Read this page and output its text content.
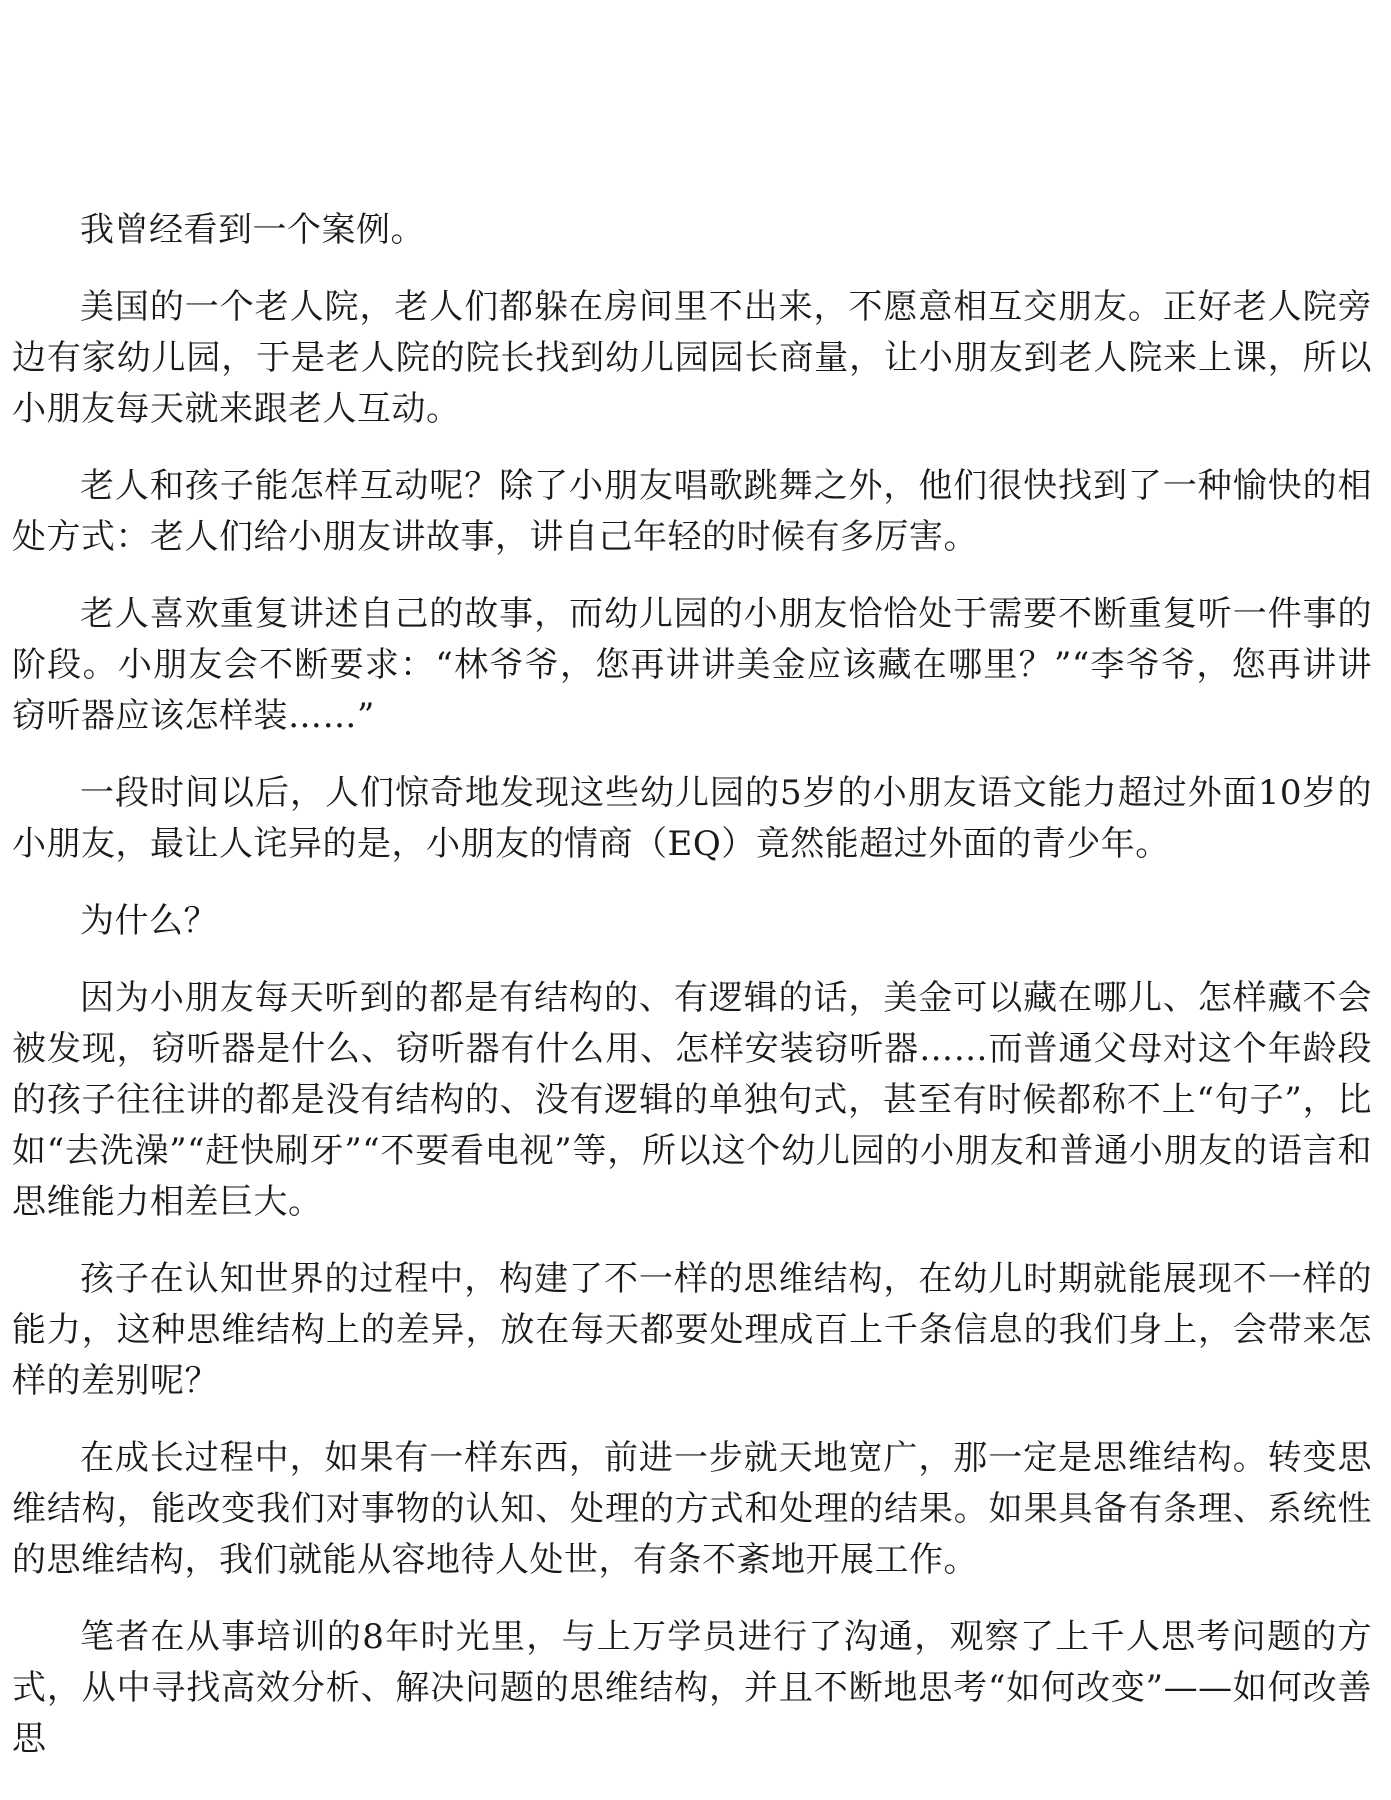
我曾经看到一个案例。

美国的一个老人院，老人们都躲在房间里不出来，不愿意相互交朋友。正好老人院旁边有家幼儿园，于是老人院的院长找到幼儿园园长商量，让小朋友到老人院来上课，所以小朋友每天就来跟老人互动。

老人和孩子能怎样互动呢？除了小朋友唱歌跳舞之外，他们很快找到了一种愉快的相处方式：老人们给小朋友讲故事，讲自己年轻的时候有多厉害。

老人喜欢重复讲述自己的故事，而幼儿园的小朋友恰恰处于需要不断重复听一件事的阶段。小朋友会不断要求：“林爷爷，您再讲讲美金应该藏在哪里？”“李爷爷，您再讲讲窃听器应该怎样装……”

一段时间以后，人们惊奇地发现这些幼儿园的5岁的小朋友语文能力超过外面10岁的小朋友，最让人诧异的是，小朋友的情商（EQ）竟然能超过外面的青少年。

为什么？

因为小朋友每天听到的都是有结构的、有逻辑的话，美金可以藏在哪儿、怎样藏不会被发现，窃听器是什么、窃听器有什么用、怎样安装窃听器……而普通父母对这个年龄段的孩子往往讲的都是没有结构的、没有逻辑的单独句式，甚至有时候都称不上“句子”，比如“去洗澡”“赶快刷牙”“不要看电视”等，所以这个幼儿园的小朋友和普通小朋友的语言和思维能力相差巨大。

孩子在认知世界的过程中，构建了不一样的思维结构，在幼儿时期就能展现不一样的能力，这种思维结构上的差异，放在每天都要处理成百上千条信息的我们身上，会带来怎样的差别呢？

在成长过程中，如果有一样东西，前进一步就天地宽广，那一定是思维结构。转变思维结构，能改变我们对事物的认知、处理的方式和处理的结果。如果具备有条理、系统性的思维结构，我们就能从容地待人处世，有条不紊地开展工作。

笔者在从事培训的8年时光里，与上万学员进行了沟通，观察了上千人思考问题的方式，从中寻找高效分析、解决问题的思维结构，并且不断地思考“如何改变”——如何改善思
